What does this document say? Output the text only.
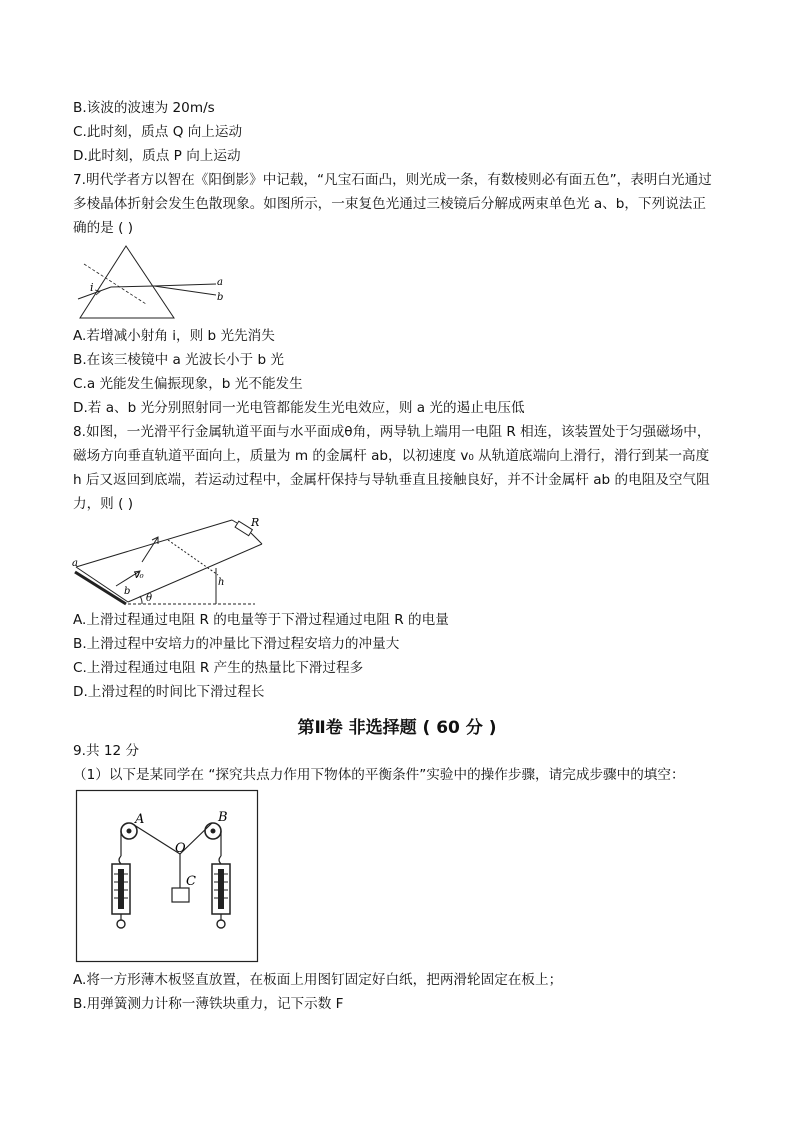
B.该波的波速为 20m/s
C.此时刻，质点 Q 向上运动
D.此时刻，质点 P 向上运动
7.明代学者方以智在《阳倒影》中记载，“凡宝石面凸，则光成一条，有数棱则必有面五色”，表明白光通过
多棱晶体折射会发生色散现象。如图所示，一束复色光通过三棱镜后分解成两束单色光 a、b，下列说法正
确的是 ( )
i	a
b
A.若增减小射角 i，则 b 光先消失
B.在该三棱镜中 a 光波长小于 b 光
C.a 光能发生偏振现象，b 光不能发生
D.若 a、b 光分别照射同一光电管都能发生光电效应，则 a 光的遏止电压低
8.如图，一光滑平行金属轨道平面与水平面成θ角，两导轨上端用一电阻 R 相连，该装置处于匀强磁场中，
磁场方向垂直轨道平面向上，质量为 m 的金属杆 ab，以初速度 v₀ 从轨道底端向上滑行，滑行到某一高度
h 后又返回到底端，若运动过程中，金属杆保持与导轨垂直且接触良好，并不计金属杆 ab 的电阻及空气阻
力，则 ( )
R
a
b
v₀
h
θ
A.上滑过程通过电阻 R 的电量等于下滑过程通过电阻 R 的电量
B.上滑过程中安培力的冲量比下滑过程安培力的冲量大
C.上滑过程通过电阻 R 产生的热量比下滑过程多
D.上滑过程的时间比下滑过程长
第Ⅱ卷 非选择题 ( 60 分 )
9.共 12 分
（1）以下是某同学在 “探究共点力作用下物体的平衡条件”实验中的操作步骤，请完成步骤中的填空：
A	B
O
C
A.将一方形薄木板竖直放置，在板面上用图钉固定好白纸，把两滑轮固定在板上；
B.用弹簧测力计称一薄铁块重力，记下示数 F
